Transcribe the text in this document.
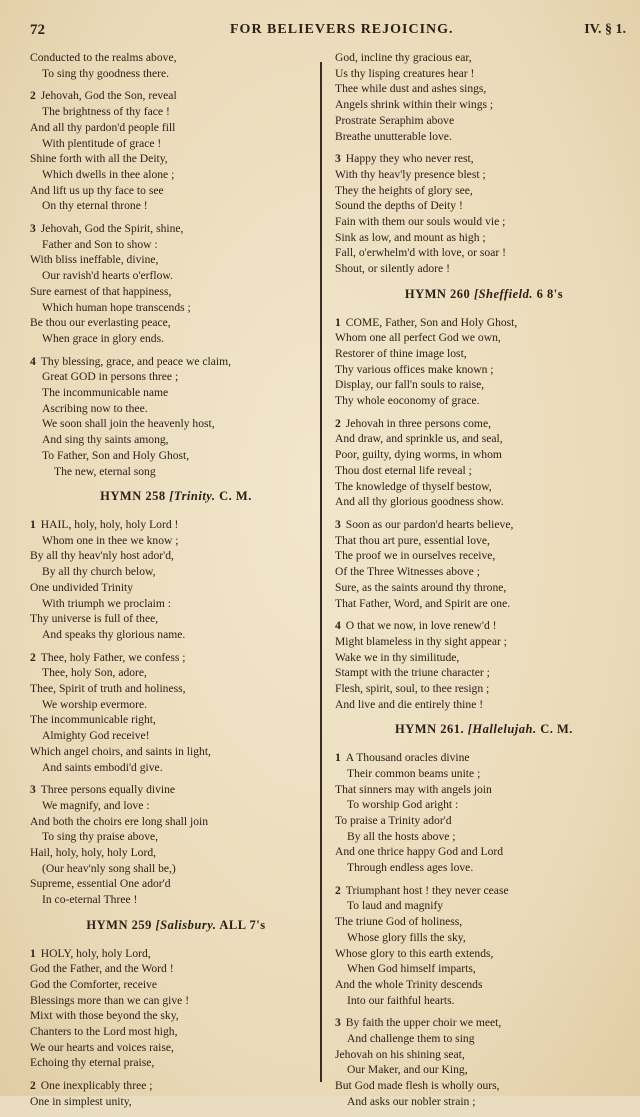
72	FOR BELIEVERS REJOICING.	IV. § 1.
Conducted to the realms above,
To sing thy goodness there.
2 Jehovah, God the Son, reveal
The brightness of thy face !
And all thy pardon'd people fill
With plentitude of grace !
Shine forth with all the Deity,
Which dwells in thee alone ;
And lift us up thy face to see
On thy eternal throne !
3 Jehovah, God the Spirit, shine,
Father and Son to show :
With bliss ineffable, divine,
Our ravish'd hearts o'erflow.
Sure earnest of that happiness,
Which human hope transcends ;
Be thou our everlasting peace,
When grace in glory ends.
4 Thy blessing, grace, and peace we claim,
Great GOD in persons three ;
The incommunicable name
Ascribing now to thee.
We soon shall join the heavenly host,
And sing thy saints among,
To Father, Son and Holy Ghost,
The new, eternal song
HYMN 258 [Trinity. C. M.
1 HAIL, holy, holy, holy Lord !
Whom one in thee we know ;
By all thy heav'nly host ador'd,
By all thy church below,
One undivided Trinity
With triumph we proclaim :
Thy universe is full of thee,
And speaks thy glorious name.
2 Thee, holy Father, we confess ;
Thee, holy Son, adore,
Thee, Spirit of truth and holiness,
We worship evermore.
The incommunicable right,
Almighty God receive!
Which angel choirs, and saints in light,
And saints embodi'd give.
3 Three persons equally divine
We magnify, and love :
And both the choirs ere long shall join
To sing thy praise above,
Hail, holy, holy, holy Lord,
(Our heav'nly song shall be,)
Supreme, essential One ador'd
In co-eternal Three !
HYMN 259 [Salisbury. ALL 7's
1 HOLY, holy, holy Lord,
God the Father, and the Word !
God the Comforter, receive
Blessings more than we can give !
Mixt with those beyond the sky,
Chanters to the Lord most high,
We our hearts and voices raise,
Echoing thy eternal praise,
2 One inexplicably three ;
One in simplest unity,
God, incline thy gracious ear,
Us thy lisping creatures hear !
Thee while dust and ashes sings,
Angels shrink within their wings ;
Prostrate Seraphim above
Breathe unutterable love.
3 Happy they who never rest,
With thy heav'ly presence blest ;
They the heights of glory see,
Sound the depths of Deity !
Fain with them our souls would vie ;
Sink as low, and mount as high ;
Fall, o'erwhelm'd with love, or soar !
Shout, or silently adore !
HYMN 260 [Sheffield. 6 8's
1 COME, Father, Son and Holy Ghost,
Whom one all perfect God we own,
Restorer of thine image lost,
Thy various offices make known ;
Display, our fall'n souls to raise,
Thy whole eoconomy of grace.
2 Jehovah in three persons come,
And draw, and sprinkle us, and seal,
Poor, guilty, dying worms, in whom
Thou dost eternal life reveal ;
The knowledge of thyself bestow,
And all thy glorious goodness show.
3 Soon as our pardon'd hearts believe,
That thou art pure, essential love,
The proof we in ourselves receive,
Of the Three Witnesses above ;
Sure, as the saints around thy throne,
That Father, Word, and Spirit are one.
4 O that we now, in love renew'd !
Might blameless in thy sight appear ;
Wake we in thy similitude,
Stampt with the triune character ;
Flesh, spirit, soul, to thee resign ;
And live and die entirely thine !
HYMN 261. [Hallelujah. C. M.
1 A Thousand oracles divine
Their common beams unite ;
That sinners may with angels join
To worship God aright :
To praise a Trinity ador'd
By all the hosts above ;
And one thrice happy God and Lord
Through endless ages love.
2 Triumphant host ! they never cease
To laud and magnify
The triune God of holiness,
Whose glory fills the sky,
Whose glory to this earth extends,
When God himself imparts,
And the whole Trinity descends
Into our faithful hearts.
3 By faith the upper choir we meet,
And challenge them to sing
Jehovah on his shining seat,
Our Maker, and our King,
But God made flesh is wholly ours,
And asks our nobler strain ;
